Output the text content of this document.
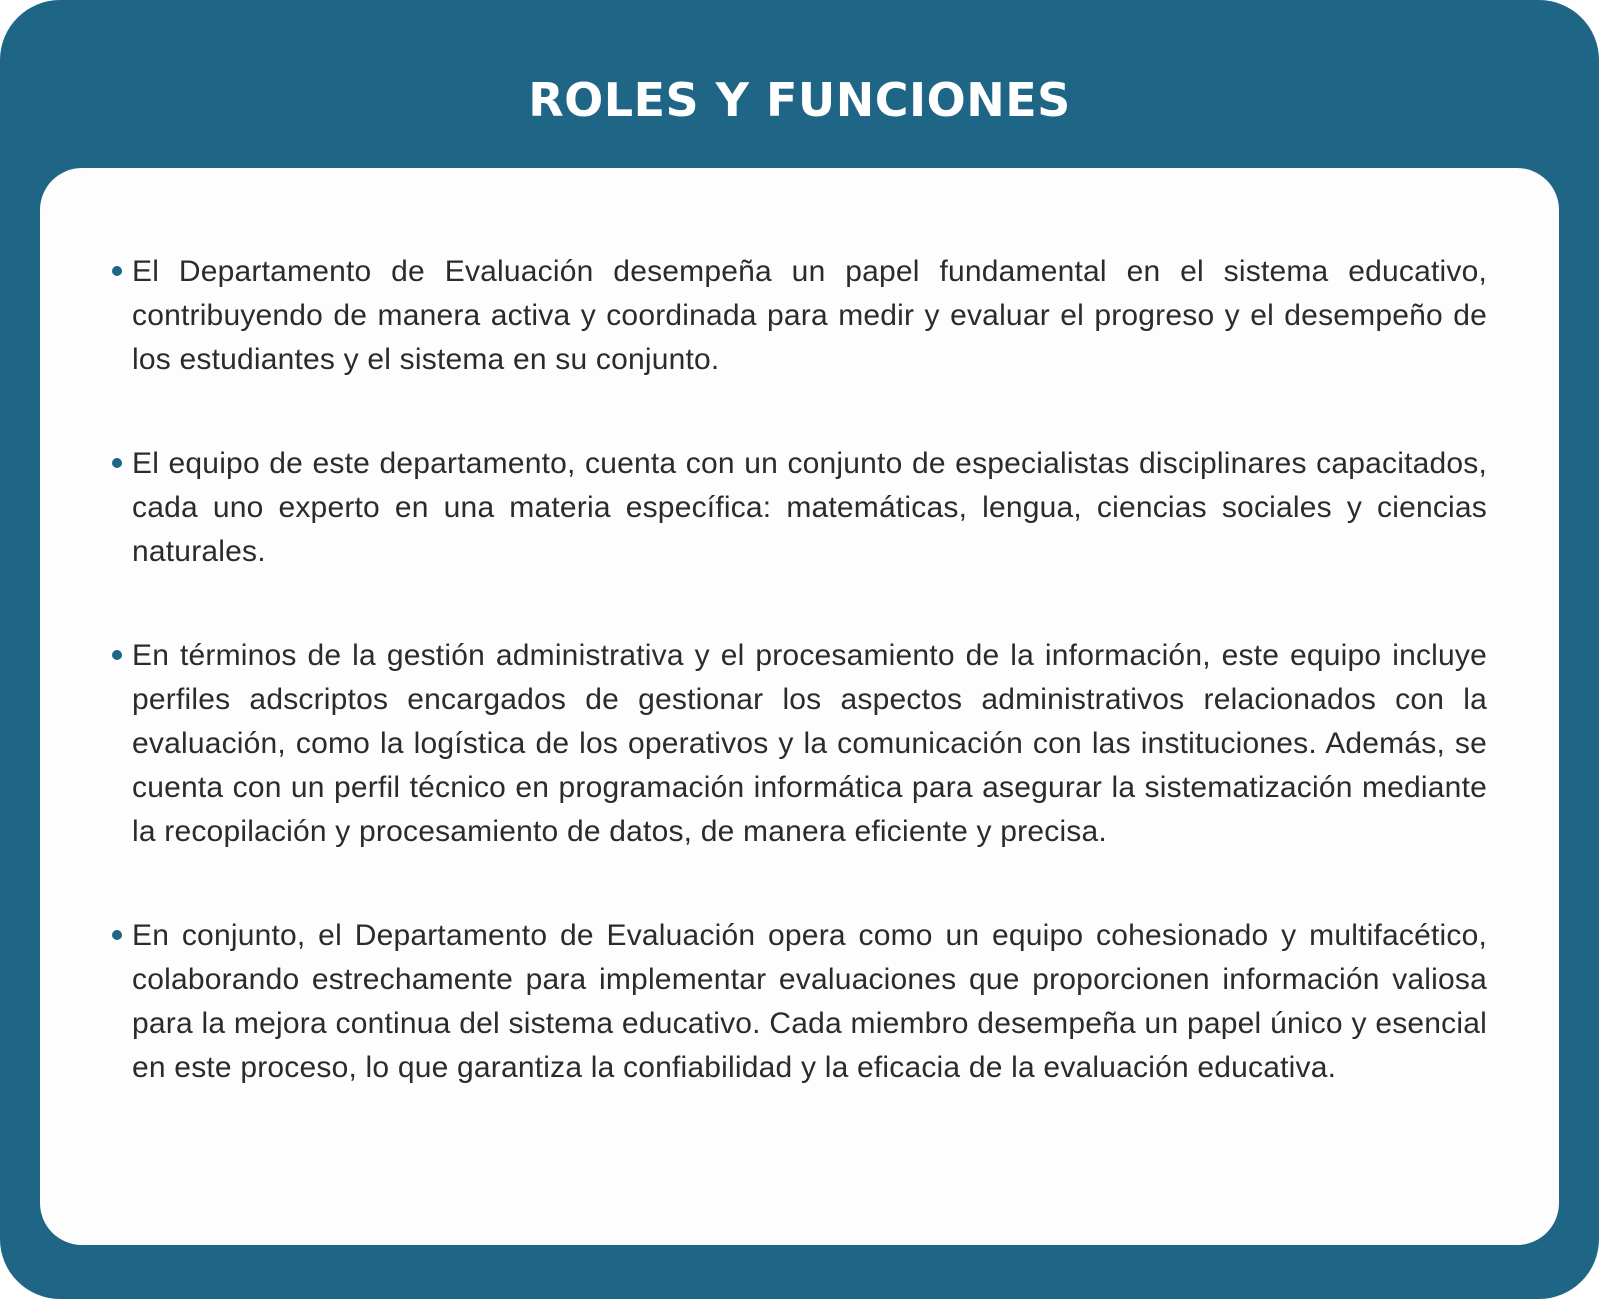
ROLES Y FUNCIONES
El Departamento de Evaluación desempeña un papel fundamental en el sistema educativo, contribuyendo de manera activa y coordinada para medir y evaluar el progreso y el desempeño de los estudiantes y el sistema en su conjunto.
El equipo de este departamento, cuenta con un conjunto de especialistas disciplinares capacitados, cada uno experto en una materia específica: matemáticas, lengua, ciencias sociales y ciencias naturales.
En términos de la gestión administrativa y el procesamiento de la información, este equipo incluye perfiles adscriptos encargados de gestionar los aspectos administrativos relacionados con la evaluación, como la logística de los operativos y la comunicación con las instituciones. Además, se cuenta con un perfil técnico en programación informática para asegurar la sistematización mediante la recopilación y procesamiento de datos, de manera eficiente y precisa.
En conjunto, el Departamento de Evaluación opera como un equipo cohesionado y multifacético, colaborando estrechamente para implementar evaluaciones que proporcionen información valiosa para la mejora continua del sistema educativo. Cada miembro desempeña un papel único y esencial en este proceso, lo que garantiza la confiabilidad y la eficacia de la evaluación educativa.
